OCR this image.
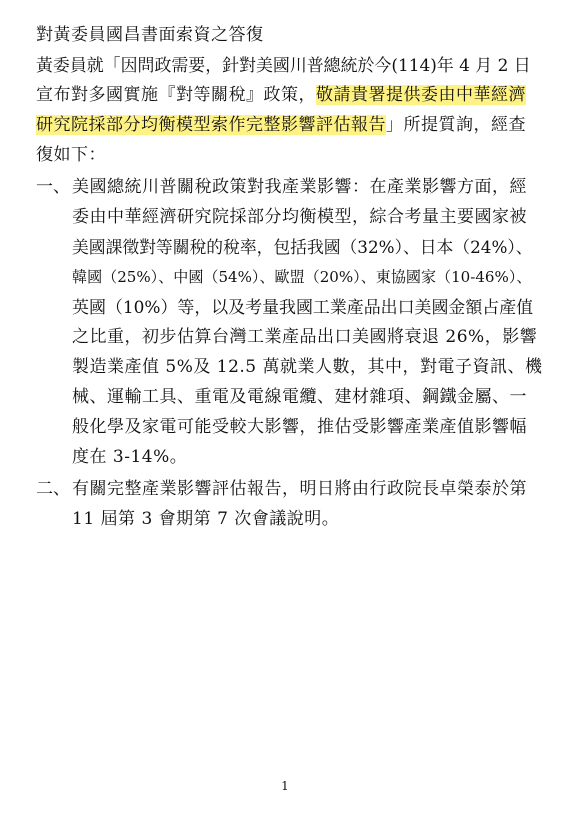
對黃委員國昌書面索資之答復
黃委員就「因問政需要，針對美國川普總統於今(114)年 4 月 2 日
宣布對多國實施『對等關稅』政策，敬請貴署提供委由中華經濟
研究院採部分均衡模型索作完整影響評估報告」所提質詢，經查
復如下：
一、 美國總統川普關稅政策對我產業影響：在產業影響方面，經
委由中華經濟研究院採部分均衡模型，綜合考量主要國家被
美國課徵對等關稅的稅率，包括我國（32%）、日本（24%）、
韓國（25%）、中國（54%）、歐盟（20%）、東協國家（10-46%）、
英國（10%）等，以及考量我國工業產品出口美國金額占產值
之比重，初步估算台灣工業產品出口美國將衰退 26%，影響
製造業產值 5%及 12.5 萬就業人數，其中，對電子資訊、機
械、運輸工具、重電及電線電纜、建材雜項、鋼鐵金屬、一
般化學及家電可能受較大影響，推估受影響產業產值影響幅
度在 3-14%。
二、 有關完整產業影響評估報告，明日將由行政院長卓榮泰於第
11 屆第 3 會期第 7 次會議說明。
1
